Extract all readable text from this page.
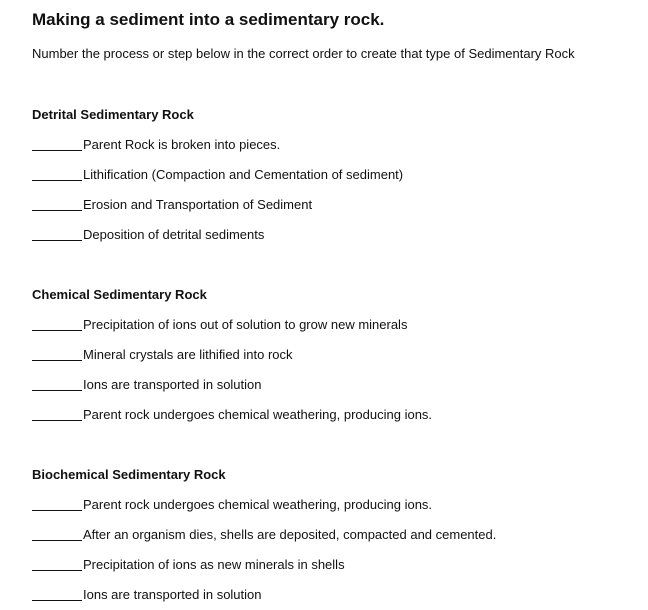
Making a sediment into a sedimentary rock.
Number the process or step below in the correct order to create that type of Sedimentary Rock
Detrital Sedimentary Rock
Parent Rock is broken into pieces.
Lithification (Compaction and Cementation of sediment)
Erosion and Transportation of Sediment
Deposition of detrital sediments
Chemical Sedimentary Rock
Precipitation of ions out of solution to grow new minerals
Mineral crystals are lithified into rock
Ions are transported in solution
Parent rock undergoes chemical weathering, producing ions.
Biochemical Sedimentary Rock
Parent rock undergoes chemical weathering, producing ions.
After an organism dies, shells are deposited, compacted and cemented.
Precipitation of ions as new minerals in shells
Ions are transported in solution
